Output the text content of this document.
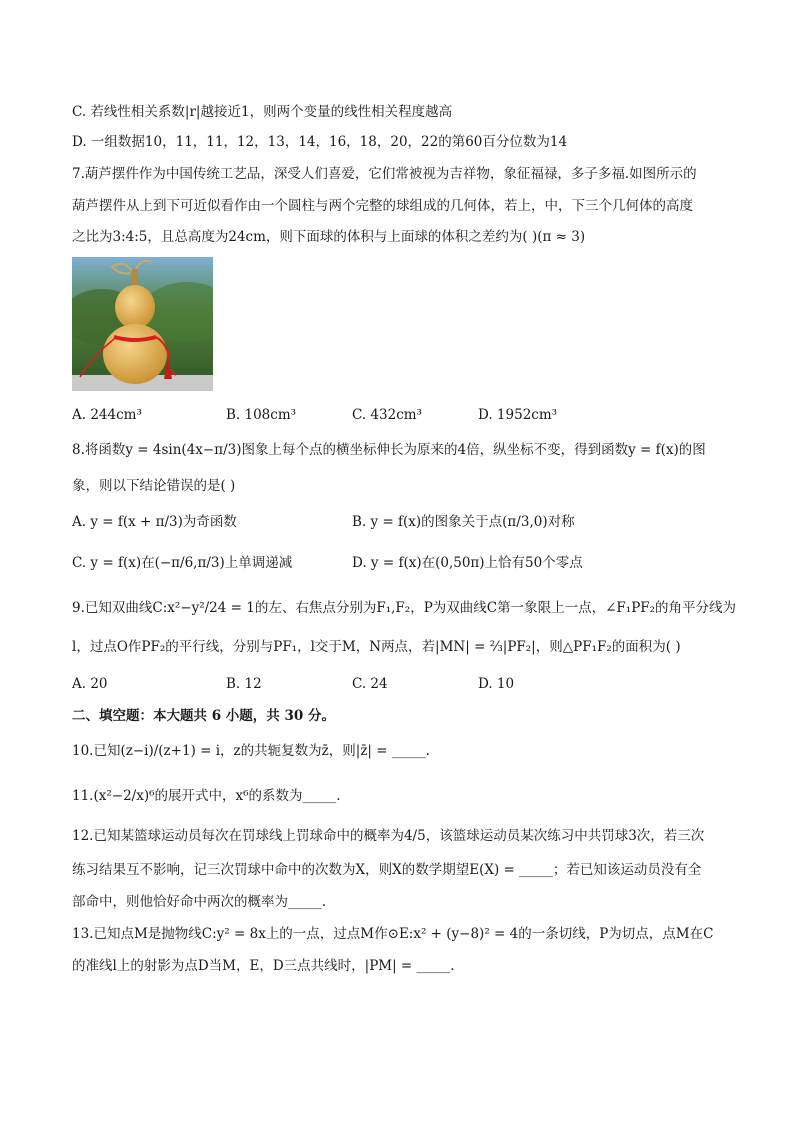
C. 若线性相关系数|r|越接近1，则两个变量的线性相关程度越高
D. 一组数据10，11，11，12，13，14，16，18，20，22的第60百分位数为14
7.葫芦摆件作为中国传统工艺品，深受人们喜爱，它们常被视为吉祥物，象征福禄，多子多福.如图所示的
葫芦摆件从上到下可近似看作由一个圆柱与两个完整的球组成的几何体，若上，中，下三个几何体的高度
之比为3:4:5，且总高度为24cm，则下面球的体积与上面球的体积之差约为( )(π ≈ 3)
A. 244cm³	B. 108cm³	C. 432cm³	D. 1952cm³
8.将函数y = 4sin(4x−π/3)图象上每个点的横坐标伸长为原来的4倍，纵坐标不变，得到函数y = f(x)的图
象，则以下结论错误的是( )
A. y = f(x + π/3)为奇函数	B. y = f(x)的图象关于点(π/3,0)对称
C. y = f(x)在(−π/6,π/3)上单调递减	D. y = f(x)在(0,50π)上恰有50个零点
9.已知双曲线C:x²−y²/24 = 1的左、右焦点分别为F₁,F₂，P为双曲线C第一象限上一点，∠F₁PF₂的角平分线为
l，过点O作PF₂的平行线，分别与PF₁，l交于M，N两点，若|MN| = ⅔|PF₂|，则△PF₁F₂的面积为( )
A. 20	B. 12	C. 24	D. 10
二、填空题：本大题共 6 小题，共 30 分。
10.已知(z−i)/(z+1) = i，z的共轭复数为z̄，则|z̄| = _____.
11.(x²−2/x)⁶的展开式中，x⁶的系数为_____.
12.已知某篮球运动员每次在罚球线上罚球命中的概率为4/5，该篮球运动员某次练习中共罚球3次，若三次
练习结果互不影响，记三次罚球中命中的次数为X，则X的数学期望E(X) = _____；若已知该运动员没有全
部命中，则他恰好命中两次的概率为_____.
13.已知点M是抛物线C:y² = 8x上的一点，过点M作⊙E:x² + (y−8)² = 4的一条切线，P为切点，点M在C
的准线l上的射影为点D当M，E，D三点共线时，|PM| = _____.
